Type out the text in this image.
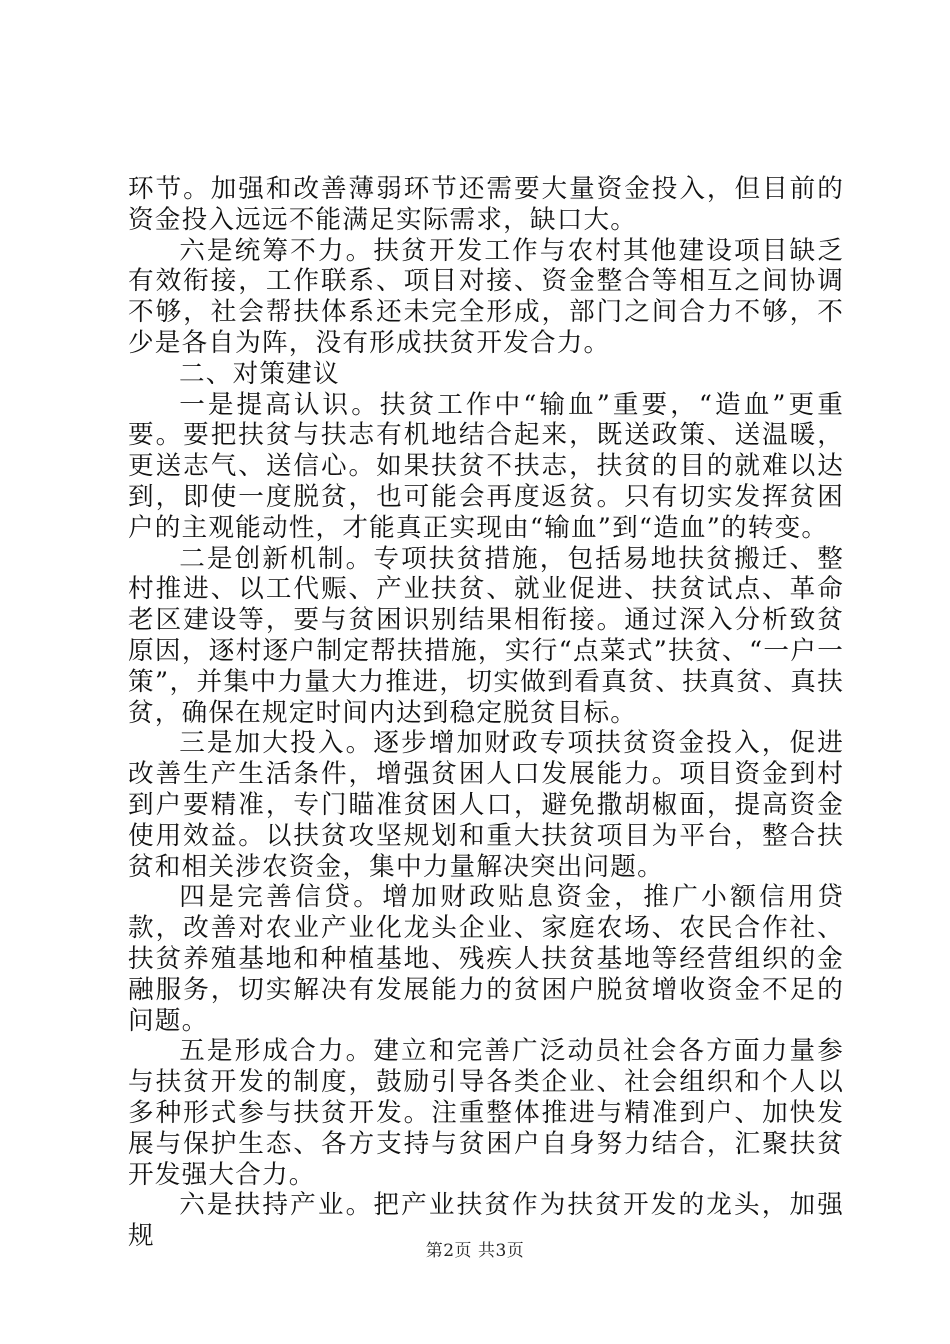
环节。加强和改善薄弱环节还需要大量资金投入，但目前的资金投入远远不能满足实际需求，缺口大。

六是统筹不力。扶贫开发工作与农村其他建设项目缺乏有效衔接，工作联系、项目对接、资金整合等相互之间协调不够，社会帮扶体系还未完全形成，部门之间合力不够，不少是各自为阵，没有形成扶贫开发合力。

二、对策建议

一是提高认识。扶贫工作中“输血”重要，“造血”更重要。要把扶贫与扶志有机地结合起来，既送政策、送温暖，更送志气、送信心。如果扶贫不扶志，扶贫的目的就难以达到，即使一度脱贫，也可能会再度返贫。只有切实发挥贫困户的主观能动性，才能真正实现由“输血”到“造血”的转变。

二是创新机制。专项扶贫措施，包括易地扶贫搬迁、整村推进、以工代赈、产业扶贫、就业促进、扶贫试点、革命老区建设等，要与贫困识别结果相衔接。通过深入分析致贫原因，逐村逐户制定帮扶措施，实行“点菜式”扶贫、“一户一策”，并集中力量大力推进，切实做到看真贫、扶真贫、真扶贫，确保在规定时间内达到稳定脱贫目标。

三是加大投入。逐步增加财政专项扶贫资金投入，促进改善生产生活条件，增强贫困人口发展能力。项目资金到村到户要精准，专门瞄准贫困人口，避免撒胡椒面，提高资金使用效益。以扶贫攻坚规划和重大扶贫项目为平台，整合扶贫和相关涉农资金，集中力量解决突出问题。

四是完善信贷。增加财政贴息资金，推广小额信用贷款，改善对农业产业化龙头企业、家庭农场、农民合作社、扶贫养殖基地和种植基地、残疾人扶贫基地等经营组织的金融服务，切实解决有发展能力的贫困户脱贫增收资金不足的问题。

五是形成合力。建立和完善广泛动员社会各方面力量参与扶贫开发的制度，鼓励引导各类企业、社会组织和个人以多种形式参与扶贫开发。注重整体推进与精准到户、加快发展与保护生态、各方支持与贫困户自身努力结合，汇聚扶贫开发强大合力。

六是扶持产业。把产业扶贫作为扶贫开发的龙头，加强规	第2页 共3页
